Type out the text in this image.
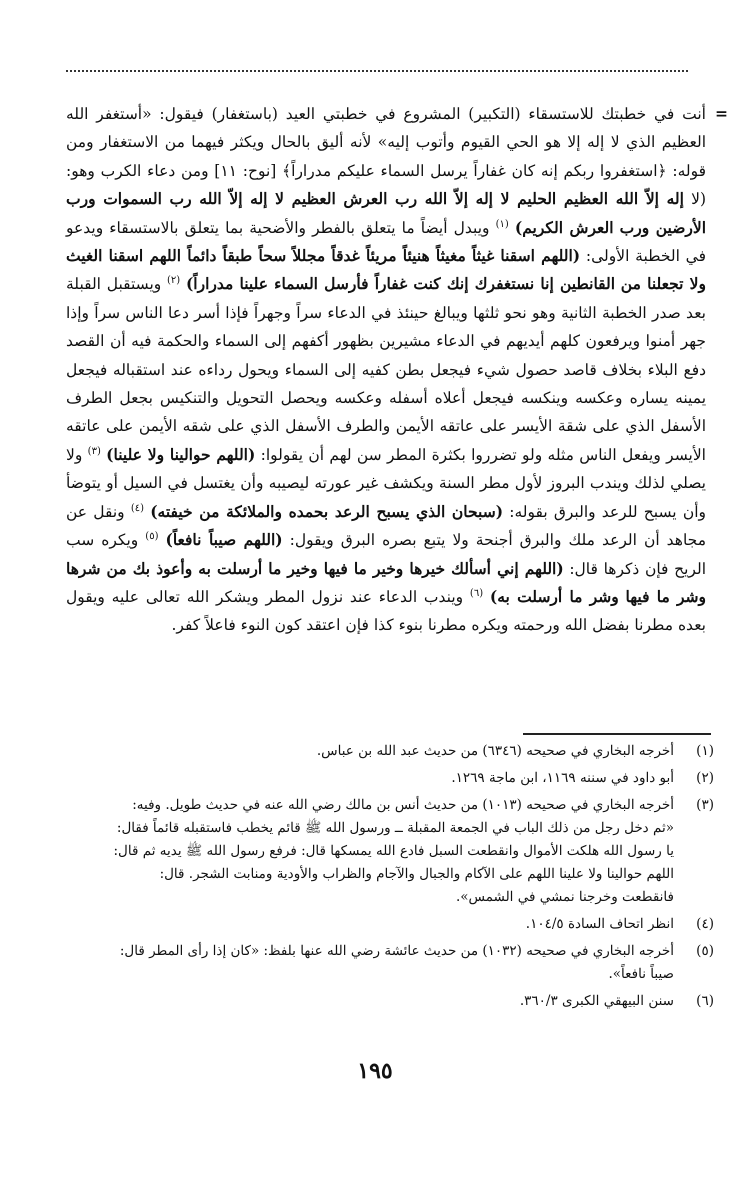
=
أنت في خطبتك للاستسقاء (التكبير) المشروع في خطبتي العيد (باستغفار) فيقول: «أستغفر الله العظيم الذي لا إله إلا هو الحي القيوم وأتوب إليه» لأنه أليق بالحال ويكثر فيهما من الاستغفار ومن قوله: ﴿استغفروا ربكم إنه كان غفاراً يرسل السماء عليكم مدراراً﴾ [نوح: ١١] ومن دعاء الكرب وهو: (لا إله إلاّ الله العظيم الحليم لا إله إلاّ الله رب العرش العظيم لا إله إلاّ الله رب السموات ورب الأرضين ورب العرش الكريم) $^{(١)}$ ويبدل أيضاً ما يتعلق بالفطر والأضحية بما يتعلق بالاستسقاء ويدعو في الخطبة الأولى: (اللهم اسقنا غيثاً مغيثاً هنيئاً مريئاً غدقاً مجللاً سحاً طبقاً دائماً اللهم اسقنا الغيث ولا تجعلنا من القانطين إنا نستغفرك إنك كنت غفاراً فأرسل السماء علينا مدراراً) $^{(٢)}$ ويستقبل القبلة بعد صدر الخطبة الثانية وهو نحو ثلثها ويبالغ حينئذ في الدعاء سراً وجهراً فإذا أسر دعا الناس سراً وإذا جهر أمنوا ويرفعون كلهم أيديهم في الدعاء مشيرين بظهور أكفهم إلى السماء والحكمة فيه أن القصد دفع البلاء بخلاف قاصد حصول شيء فيجعل بطن كفيه إلى السماء ويحول رداءه عند استقباله فيجعل يمينه يساره وعكسه وينكسه فيجعل أعلاه أسفله وعكسه ويحصل التحويل والتنكيس بجعل الطرف الأسفل الذي على شقة الأيسر على عاتقه الأيمن والطرف الأسفل الذي على شقه الأيمن على عاتقه الأيسر ويفعل الناس مثله ولو تضرروا بكثرة المطر سن لهم أن يقولوا: (اللهم حوالينا ولا علينا) $^{(٣)}$ ولا يصلي لذلك ويندب البروز لأول مطر السنة ويكشف غير عورته ليصيبه وأن يغتسل في السيل أو يتوضأ وأن يسبح للرعد والبرق بقوله: (سبحان الذي يسبح الرعد بحمده والملائكة من خيفته) $^{(٤)}$ ونقل عن مجاهد أن الرعد ملك والبرق أجنحة ولا يتبع بصره البرق ويقول: (اللهم صيباً نافعاً) $^{(٥)}$ ويكره سب الريح فإن ذكرها قال: (اللهم إني أسألك خيرها وخير ما فيها وخير ما أرسلت به وأعوذ بك من شرها وشر ما فيها وشر ما أرسلت به) $^{(٦)}$ ويندب الدعاء عند نزول المطر ويشكر الله تعالى عليه ويقول بعده مطرنا بفضل الله ورحمته ويكره مطرنا بنوء كذا فإن اعتقد كون النوء فاعلاً كفر.
(١)
أخرجه البخاري في صحيحه (٦٣٤٦) من حديث عبد الله بن عباس.
(٢)
أبو داود في سننه ١١٦٩، ابن ماجة ١٢٦٩.
(٣)
أخرجه البخاري في صحيحه (١٠١٣) من حديث أنس بن مالك رضي الله عنه في حديث طويل. وفيه:
«ثم دخل رجل من ذلك الباب في الجمعة المقبلة ــ ورسول الله ﷺ قائم يخطب فاستقبله قائماً فقال:
يا رسول الله هلكت الأموال وانقطعت السبل فادع الله يمسكها قال: فرفع رسول الله ﷺ يديه ثم قال:
اللهم حوالينا ولا علينا اللهم على الآكام والجبال والآجام والظراب والأودية ومنابت الشجر. قال:
فانقطعت وخرجنا نمشي في الشمس».
(٤)
انظر اتحاف السادة ١٠٤/٥.
(٥)
أخرجه البخاري في صحيحه (١٠٣٢) من حديث عائشة رضي الله عنها بلفظ: «كان إذا رأى المطر قال:
صيباً نافعاً».
(٦)
سنن البيهقي الكبرى ٣٦٠/٣.
١٩٥
